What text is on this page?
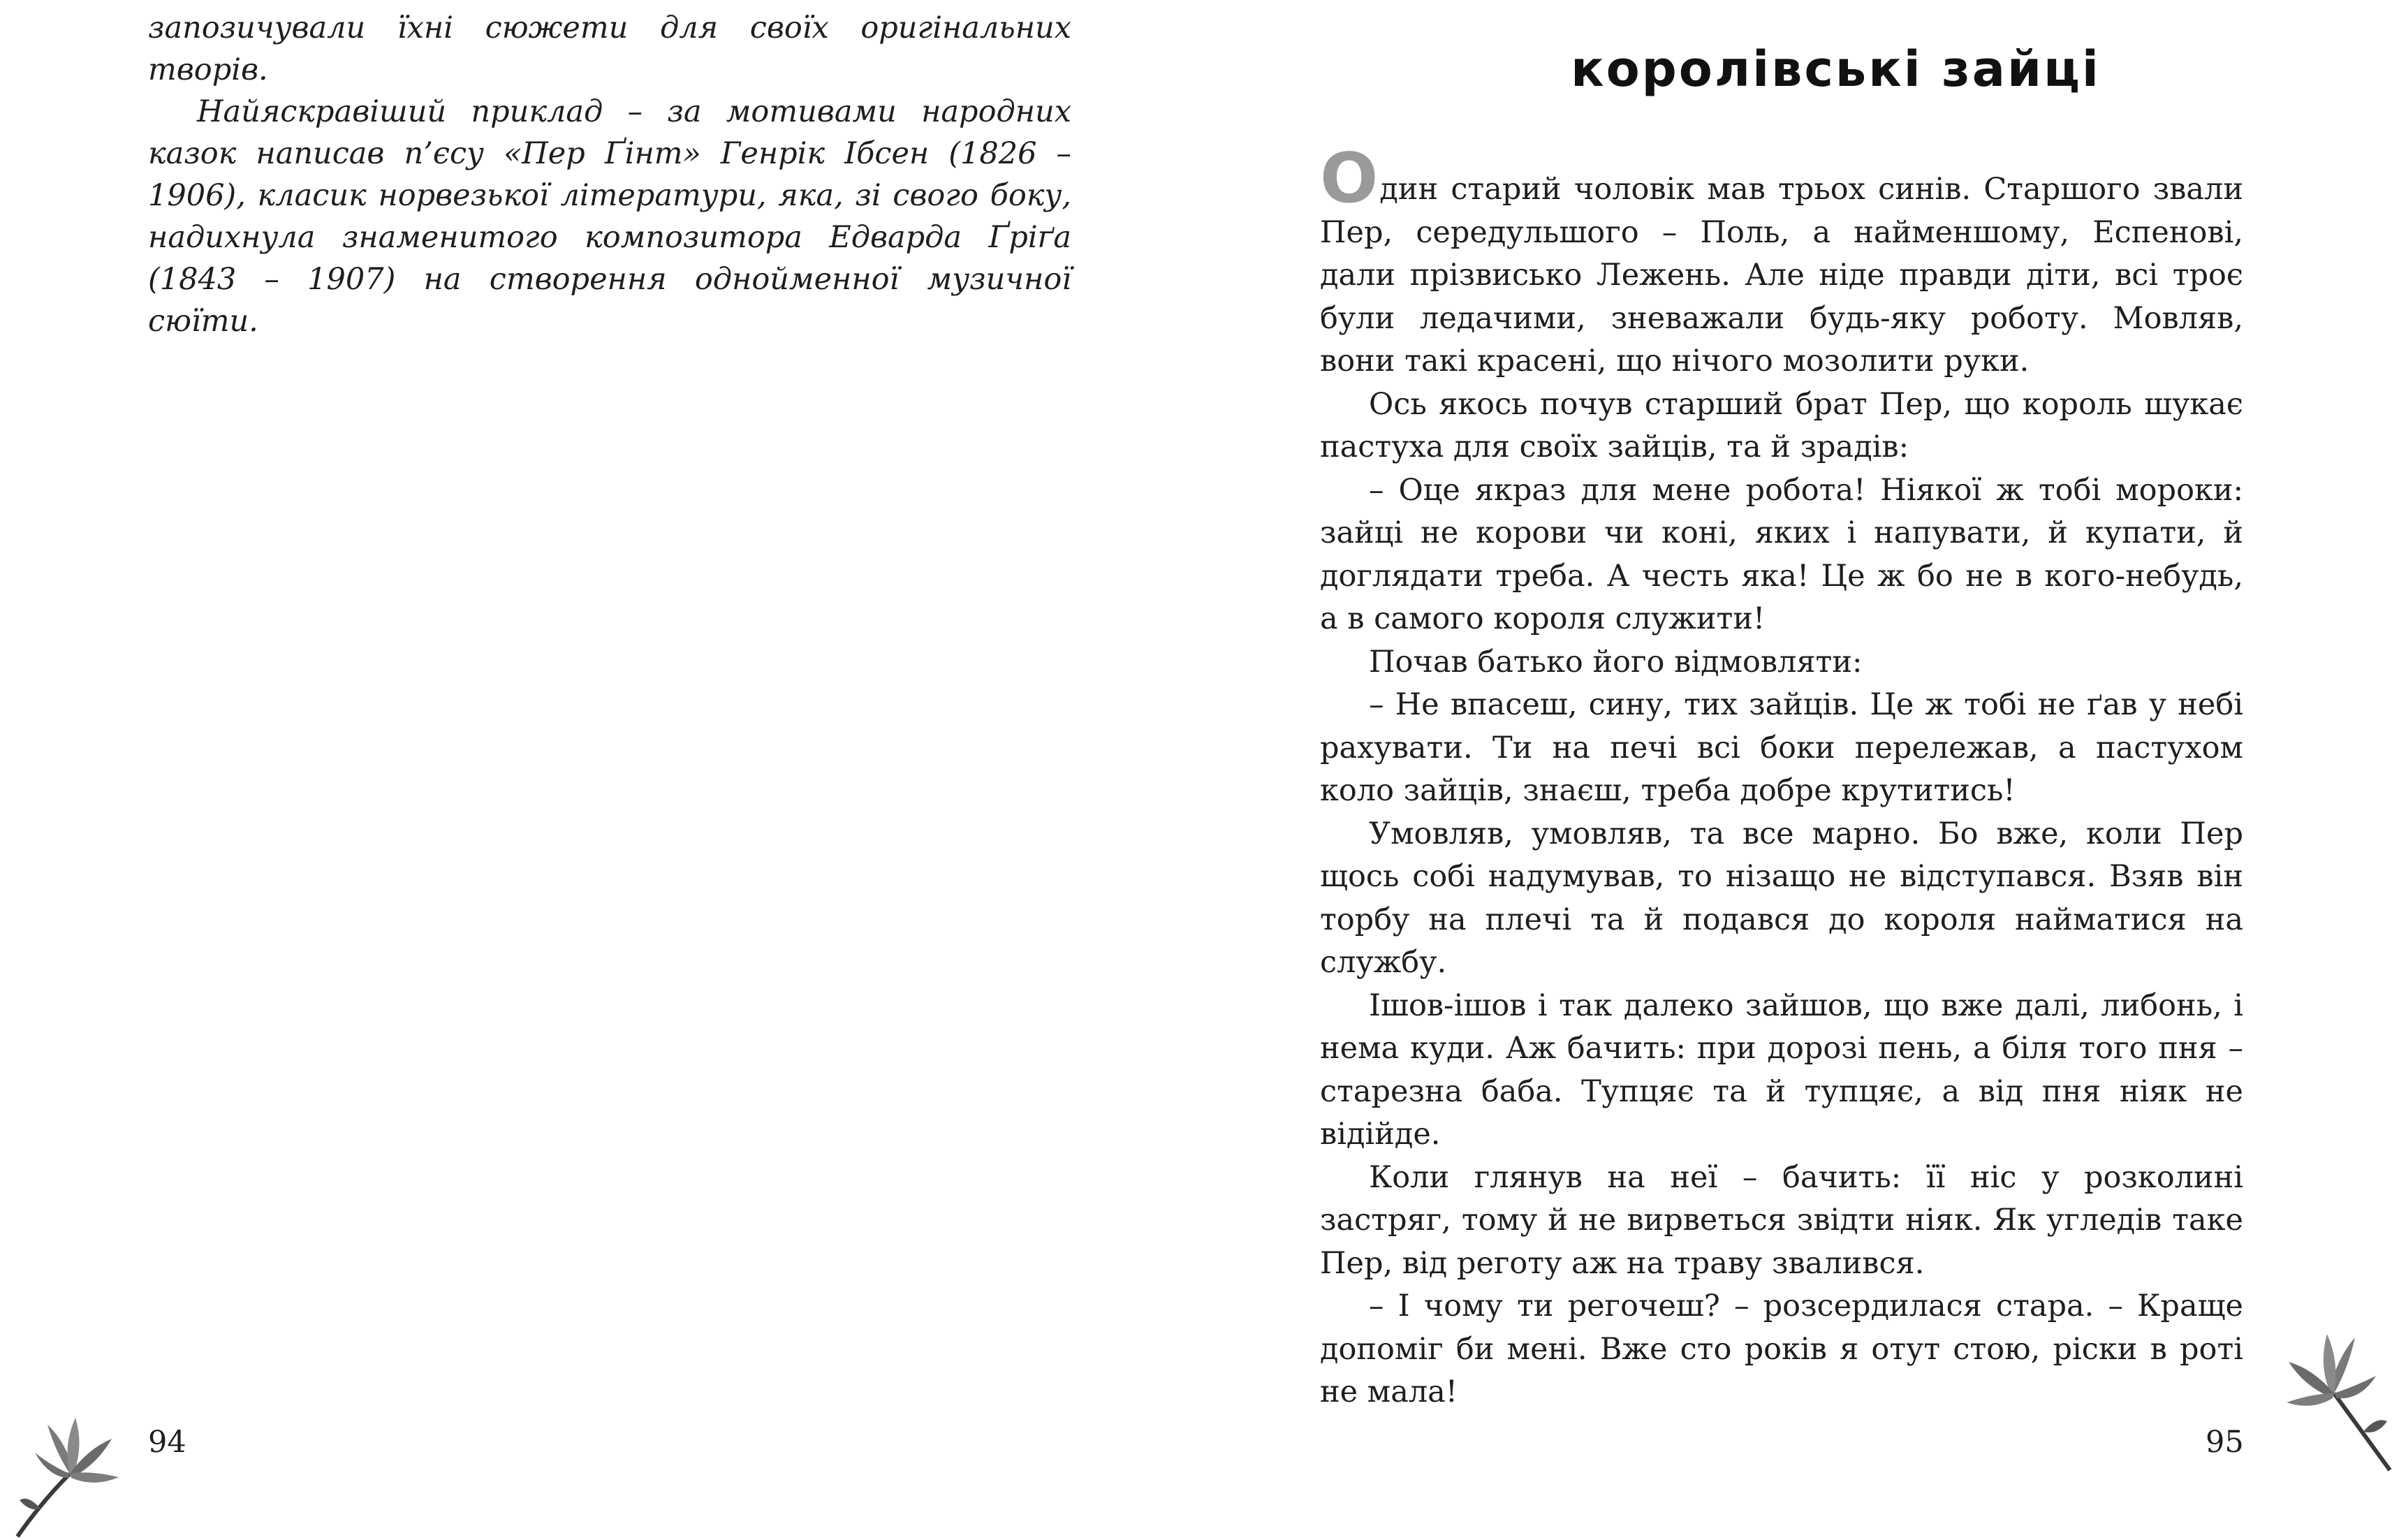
запозичували їхні сюжети для своїх оригінальних творів.

Найяскравіший приклад – за мотивами народних казок написав п’єсу «Пер Ґінт» Генрік Ібсен (1826 – 1906), класик норвезької літератури, яка, зі свого боку, надихнула знаменитого композитора Едварда Ґріґа (1843 – 1907) на створення однойменної музичної сюїти.

94
королівські зайці

Один старий чоловік мав трьох синів. Старшого звали Пер, середульшого – Поль, а найменшому, Еспенові, дали прізвисько Лежень. Але ніде правди діти, всі троє були ледачими, зневажали будь-яку роботу. Мовляв, вони такі красені, що нічого мозолити руки.

Ось якось почув старший брат Пер, що король шукає пастуха для своїх зайців, та й зрадів:

– Оце якраз для мене робота! Ніякої ж тобі мороки: зайці не корови чи коні, яких і напувати, й купати, й доглядати треба. А честь яка! Це ж бо не в кого-небудь, а в самого короля служити!

Почав батько його відмовляти:

– Не впасеш, сину, тих зайців. Це ж тобі не ґав у небі рахувати. Ти на печі всі боки перележав, а пастухом коло зайців, знаєш, треба добре крутитись!

Умовляв, умовляв, та все марно. Бо вже, коли Пер щось собі надумував, то нізащо не відступався. Взяв він торбу на плечі та й подався до короля найматися на службу.

Ішов-ішов і так далеко зайшов, що вже далі, либонь, і нема куди. Аж бачить: при дорозі пень, а біля того пня – старезна баба. Тупцяє та й тупцяє, а від пня ніяк не відійде.

Коли глянув на неї – бачить: її ніс у розколині застряг, тому й не вирветься звідти ніяк. Як угледів таке Пер, від реготу аж на траву звалився.

– І чому ти регочеш? – розсердилася стара. – Краще допоміг би мені. Вже сто років я отут стою, ріски в роті не мала!

95
